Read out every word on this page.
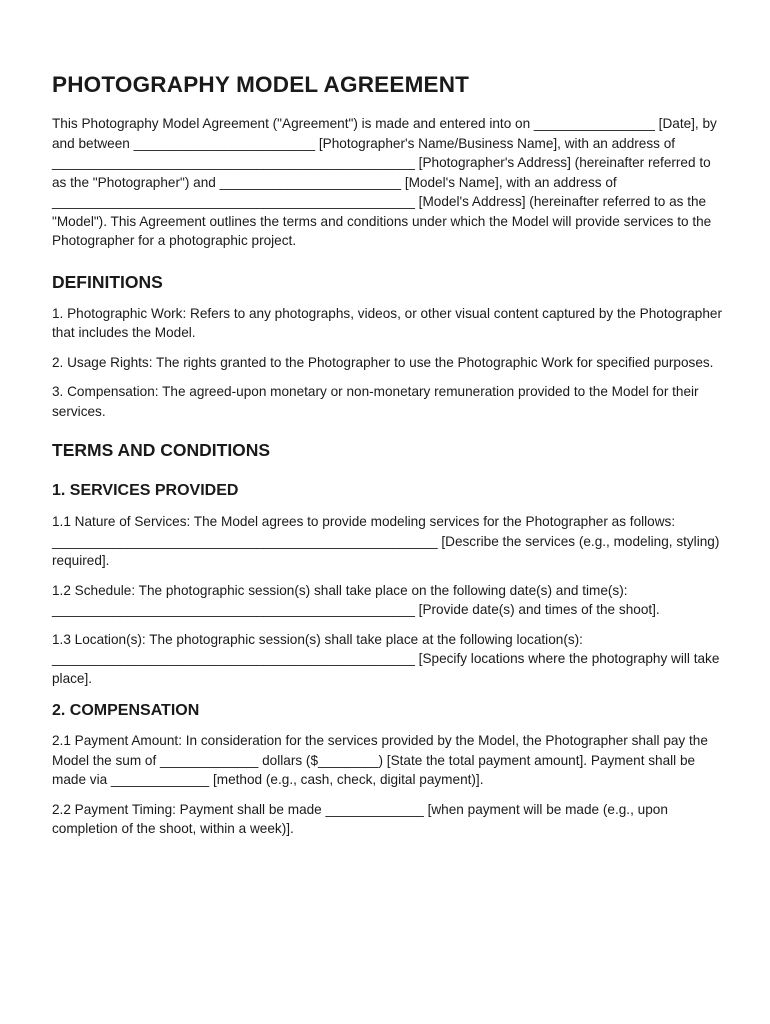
PHOTOGRAPHY MODEL AGREEMENT

This Photography Model Agreement ("Agreement") is made and entered into on ________________ [Date], by and between ________________________ [Photographer's Name/Business Name], with an address of ________________________________________________ [Photographer's Address] (hereinafter referred to as the "Photographer") and ________________________ [Model's Name], with an address of ________________________________________________ [Model's Address] (hereinafter referred to as the "Model"). This Agreement outlines the terms and conditions under which the Model will provide services to the Photographer for a photographic project.

DEFINITIONS

1. Photographic Work: Refers to any photographs, videos, or other visual content captured by the Photographer that includes the Model.

2. Usage Rights: The rights granted to the Photographer to use the Photographic Work for specified purposes.

3. Compensation: The agreed-upon monetary or non-monetary remuneration provided to the Model for their services.

TERMS AND CONDITIONS
1. SERVICES PROVIDED

1.1 Nature of Services: The Model agrees to provide modeling services for the Photographer as follows: ___________________________________________________ [Describe the services (e.g., modeling, styling) required].

1.2 Schedule: The photographic session(s) shall take place on the following date(s) and time(s): ________________________________________________ [Provide date(s) and times of the shoot].

1.3 Location(s): The photographic session(s) shall take place at the following location(s): ________________________________________________ [Specify locations where the photography will take place].

2. COMPENSATION

2.1 Payment Amount: In consideration for the services provided by the Model, the Photographer shall pay the Model the sum of _____________ dollars ($________) [State the total payment amount]. Payment shall be made via _____________ [method (e.g., cash, check, digital payment)].

2.2 Payment Timing: Payment shall be made _____________ [when payment will be made (e.g., upon completion of the shoot, within a week)].
